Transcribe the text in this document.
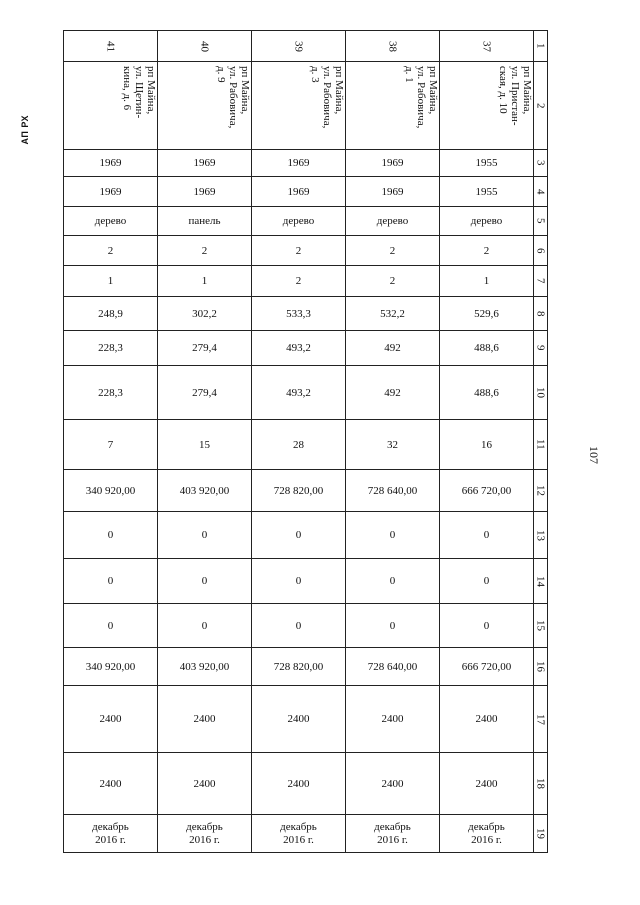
АП РХ
107
41	40	39	38	37	1
рп Майна,
ул. Щетин-
кина, д. 6	рп Майна,
ул. Рабовича,
д. 9	рп Майна,
ул. Рабовича,
д. 3	рп Майна,
ул. Рабовича,
д. 1	рп Майна,
ул. Пристан-
ская, д. 10	2
1969	1969	1969	1969	1955	3
1969	1969	1969	1969	1955	4
дерево	панель	дерево	дерево	дерево	5
2	2	2	2	2	6
1	1	2	2	1	7
248,9	302,2	533,3	532,2	529,6	8
228,3	279,4	493,2	492	488,6	9
228,3	279,4	493,2	492	488,6	10
7	15	28	32	16	11
340 920,00	403 920,00	728 820,00	728 640,00	666 720,00	12
0	0	0	0	0	13
0	0	0	0	0	14
0	0	0	0	0	15
340 920,00	403 920,00	728 820,00	728 640,00	666 720,00	16
2400	2400	2400	2400	2400	17
2400	2400	2400	2400	2400	18
декабрь
2016 г.	декабрь
2016 г.	декабрь
2016 г.	декабрь
2016 г.	декабрь
2016 г.	19
